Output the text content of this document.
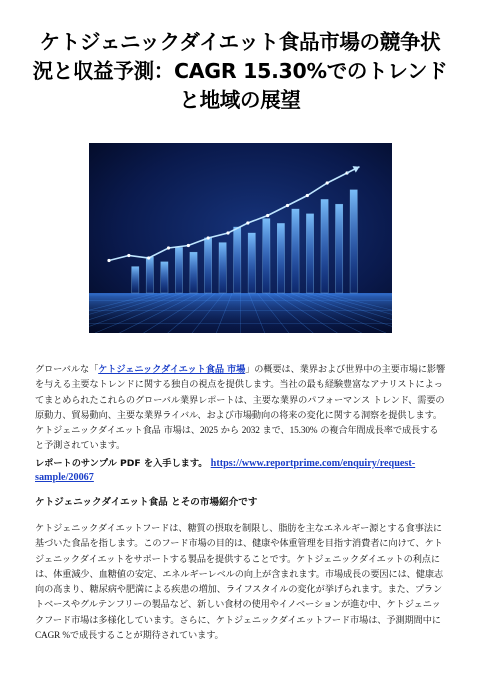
ケトジェニックダイエット食品市場の競争状況と収益予測：CAGR 15.30%でのトレンドと地域の展望

グローバルな「ケトジェニックダイエット食品 市場」の概要は、業界および世界中の主要市場に影響を与える主要なトレンドに関する独自の視点を提供します。当社の最も経験豊富なアナリストによってまとめられたこれらのグローバル業界レポートは、主要な業界のパフォーマンス トレンド、需要の原動力、貿易動向、主要な業界ライバル、および市場動向の将来の変化に関する洞察を提供します。ケトジェニックダイエット食品 市場は、2025 から 2032 まで、15.30% の複合年間成長率で成長すると予測されています。

レポートのサンプル PDF を入手します。 https://www.reportprime.com/enquiry/request-sample/20067

ケトジェニックダイエット食品 とその市場紹介です

ケトジェニックダイエットフードは、糖質の摂取を制限し、脂肪を主なエネルギー源とする食事法に基づいた食品を指します。このフード市場の目的は、健康や体重管理を目指す消費者に向けて、ケトジェニックダイエットをサポートする製品を提供することです。ケトジェニックダイエットの利点には、体重減少、血糖値の安定、エネルギーレベルの向上が含まれます。市場成長の要因には、健康志向の高まり、糖尿病や肥満による疾患の増加、ライフスタイルの変化が挙げられます。また、プラントベースやグルテンフリーの製品など、新しい食材の使用やイノベーションが進む中、ケトジェニックフード市場は多様化しています。さらに、ケトジェニックダイエットフード市場は、予測期間中にCAGR %で成長することが期待されています。
